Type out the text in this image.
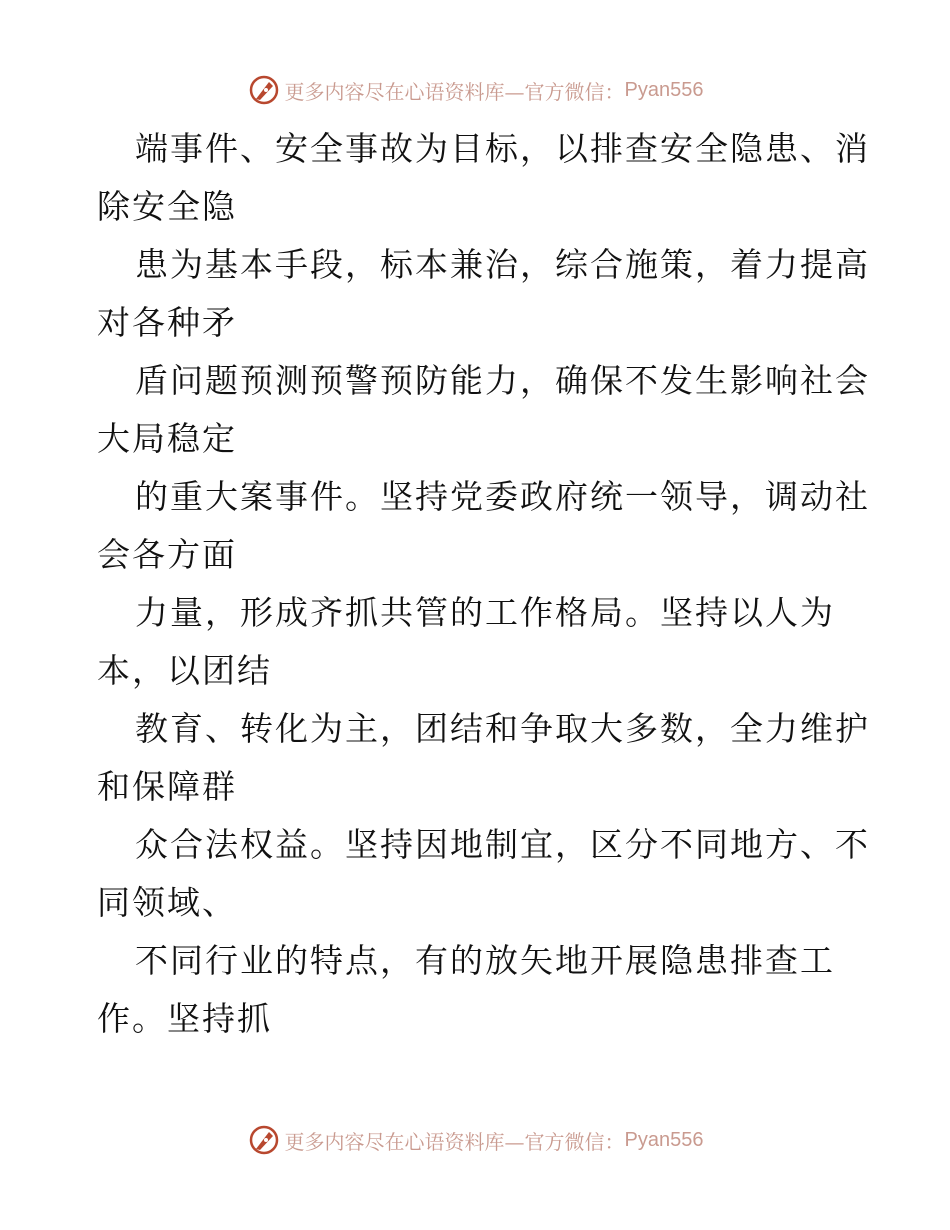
更多内容尽在心语资料库 —官方微信： Pyan556
端事件、安全事故为目标，以排查安全隐患、消
除安全隐
患为基本手段，标本兼治，综合施策，着力提高
对各种矛
盾问题预测预警预防能力，确保不发生影响社会
大局稳定
的重大案事件。坚持党委政府统一领导，调动社
会各方面
力量，形成齐抓共管的工作格局。坚持以人为
本，以团结
教育、转化为主，团结和争取大多数，全力维护
和保障群
众合法权益。坚持因地制宜，区分不同地方、不
同领域、
不同行业的特点，有的放矢地开展隐患排查工
作。坚持抓
更多内容尽在心语资料库 —官方微信： Pyan556
